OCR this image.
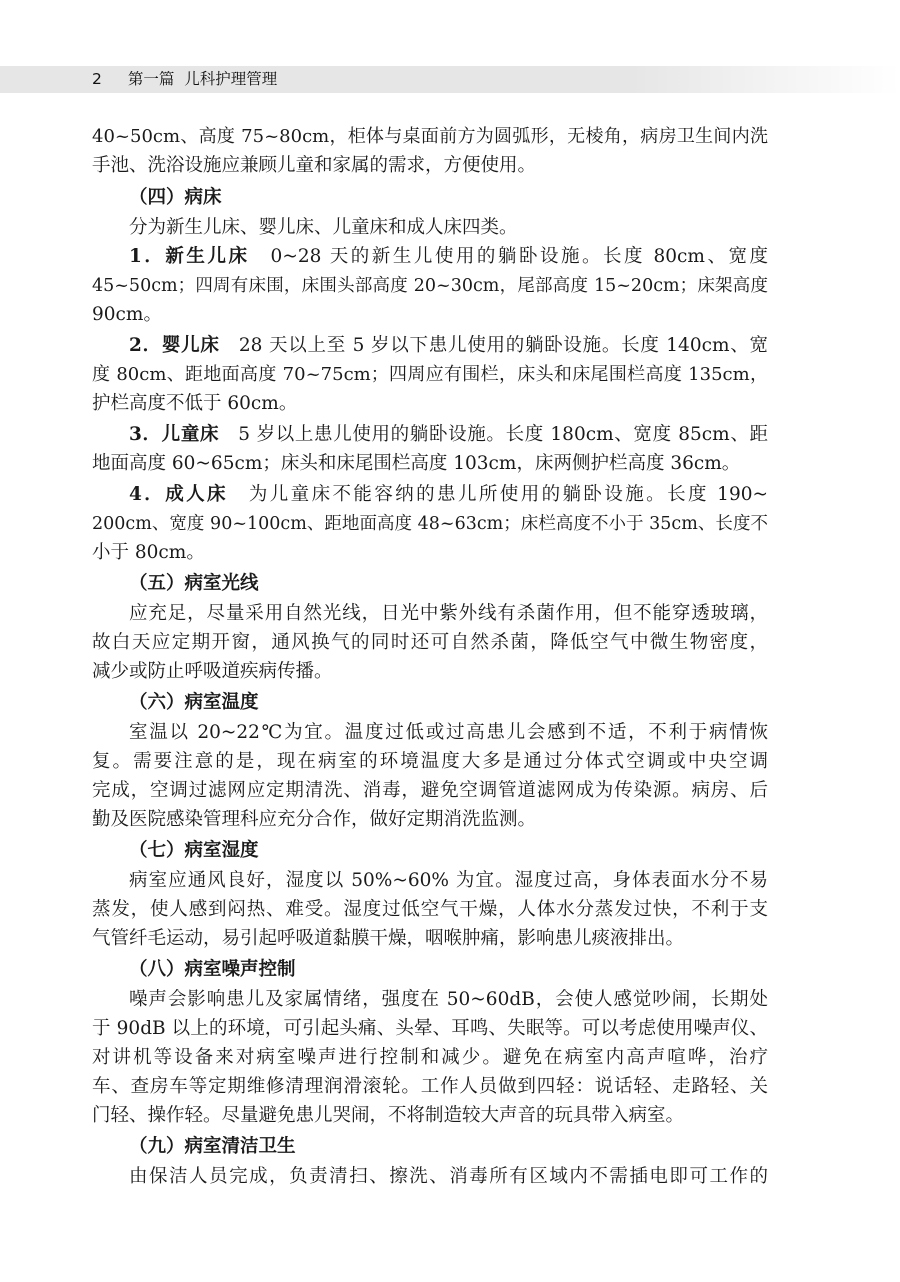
2 第一篇 儿科护理管理
40~50cm、高度 75~80cm，柜体与桌面前方为圆弧形，无棱角，病房卫生间内洗
手池、洗浴设施应兼顾儿童和家属的需求，方便使用。
（四）病床
分为新生儿床、婴儿床、儿童床和成人床四类。
1．新生儿床　 0~28 天的新生儿使用的躺卧设施。长度 80cm、宽度
45~50cm；四周有床围，床围头部高度 20~30cm，尾部高度 15~20cm；床架高度
90cm。
2．婴儿床　 28 天以上至 5 岁以下患儿使用的躺卧设施。长度 140cm、宽
度 80cm、距地面高度 70~75cm；四周应有围栏，床头和床尾围栏高度 135cm，
护栏高度不低于 60cm。
3．儿童床　 5 岁以上患儿使用的躺卧设施。长度 180cm、宽度 85cm、距
地面高度 60~65cm；床头和床尾围栏高度 103cm，床两侧护栏高度 36cm。
4．成人床　 为儿童床不能容纳的患儿所使用的躺卧设施。长度 190~
200cm、宽度 90~100cm、距地面高度 48~63cm；床栏高度不小于 35cm、长度不
小于 80cm。
（五）病室光线
应充足，尽量采用自然光线，日光中紫外线有杀菌作用，但不能穿透玻璃，
故白天应定期开窗，通风换气的同时还可自然杀菌，降低空气中微生物密度，
减少或防止呼吸道疾病传播。
（六）病室温度
室温以 20~22℃为宜。温度过低或过高患儿会感到不适，不利于病情恢
复。需要注意的是，现在病室的环境温度大多是通过分体式空调或中央空调
完成，空调过滤网应定期清洗、消毒，避免空调管道滤网成为传染源。病房、后
勤及医院感染管理科应充分合作，做好定期消洗监测。
（七）病室湿度
病室应通风良好，湿度以 50%~60% 为宜。湿度过高，身体表面水分不易
蒸发，使人感到闷热、难受。湿度过低空气干燥，人体水分蒸发过快，不利于支
气管纤毛运动，易引起呼吸道黏膜干燥，咽喉肿痛，影响患儿痰液排出。
（八）病室噪声控制
噪声会影响患儿及家属情绪，强度在 50~60dB，会使人感觉吵闹，长期处
于 90dB 以上的环境，可引起头痛、头晕、耳鸣、失眠等。可以考虑使用噪声仪、
对讲机等设备来对病室噪声进行控制和减少。避免在病室内高声喧哗，治疗
车、查房车等定期维修清理润滑滚轮。工作人员做到四轻：说话轻、走路轻、关
门轻、操作轻。尽量避免患儿哭闹，不将制造较大声音的玩具带入病室。
（九）病室清洁卫生
由保洁人员完成，负责清扫、擦洗、消毒所有区域内不需插电即可工作的
